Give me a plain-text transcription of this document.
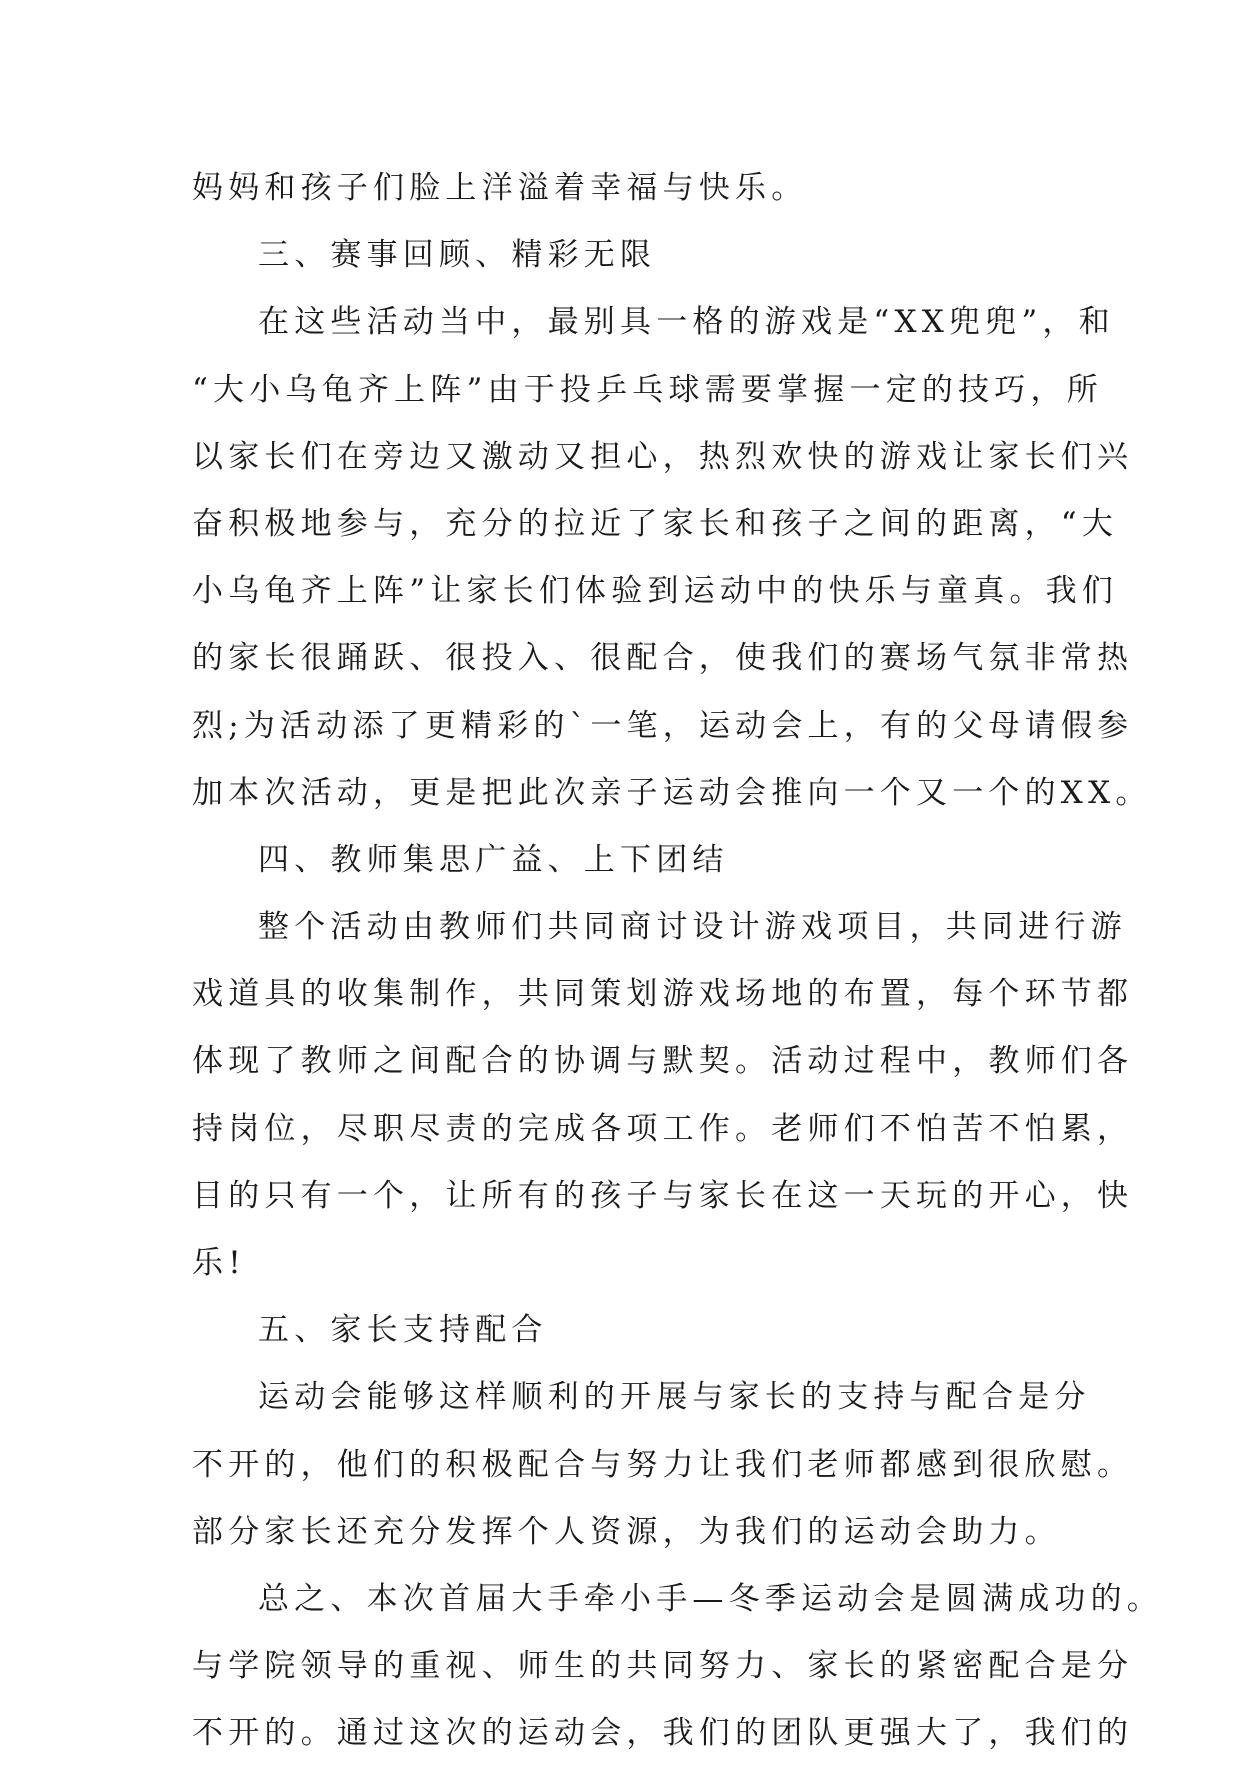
妈妈和孩子们脸上洋溢着幸福与快乐。
三、赛事回顾、精彩无限
在这些活动当中，最别具一格的游戏是“XX兜兜”，和
“大小乌龟齐上阵”由于投乒乓球需要掌握一定的技巧，所
以家长们在旁边又激动又担心，热烈欢快的游戏让家长们兴
奋积极地参与，充分的拉近了家长和孩子之间的距离，“大
小乌龟齐上阵”让家长们体验到运动中的快乐与童真。我们
的家长很踊跃、很投入、很配合，使我们的赛场气氛非常热
烈;为活动添了更精彩的`一笔，运动会上，有的父母请假参
加本次活动，更是把此次亲子运动会推向一个又一个的XX。
四、教师集思广益、上下团结
整个活动由教师们共同商讨设计游戏项目，共同进行游
戏道具的收集制作，共同策划游戏场地的布置，每个环节都
体现了教师之间配合的协调与默契。活动过程中，教师们各
持岗位，尽职尽责的完成各项工作。老师们不怕苦不怕累，
目的只有一个，让所有的孩子与家长在这一天玩的开心，快
乐!
五、家长支持配合
运动会能够这样顺利的开展与家长的支持与配合是分
不开的，他们的积极配合与努力让我们老师都感到很欣慰。
部分家长还充分发挥个人资源，为我们的运动会助力。
总之、本次首届大手牵小手—冬季运动会是圆满成功的。
与学院领导的重视、师生的共同努力、家长的紧密配合是分
不开的。通过这次的运动会，我们的团队更强大了，我们的
